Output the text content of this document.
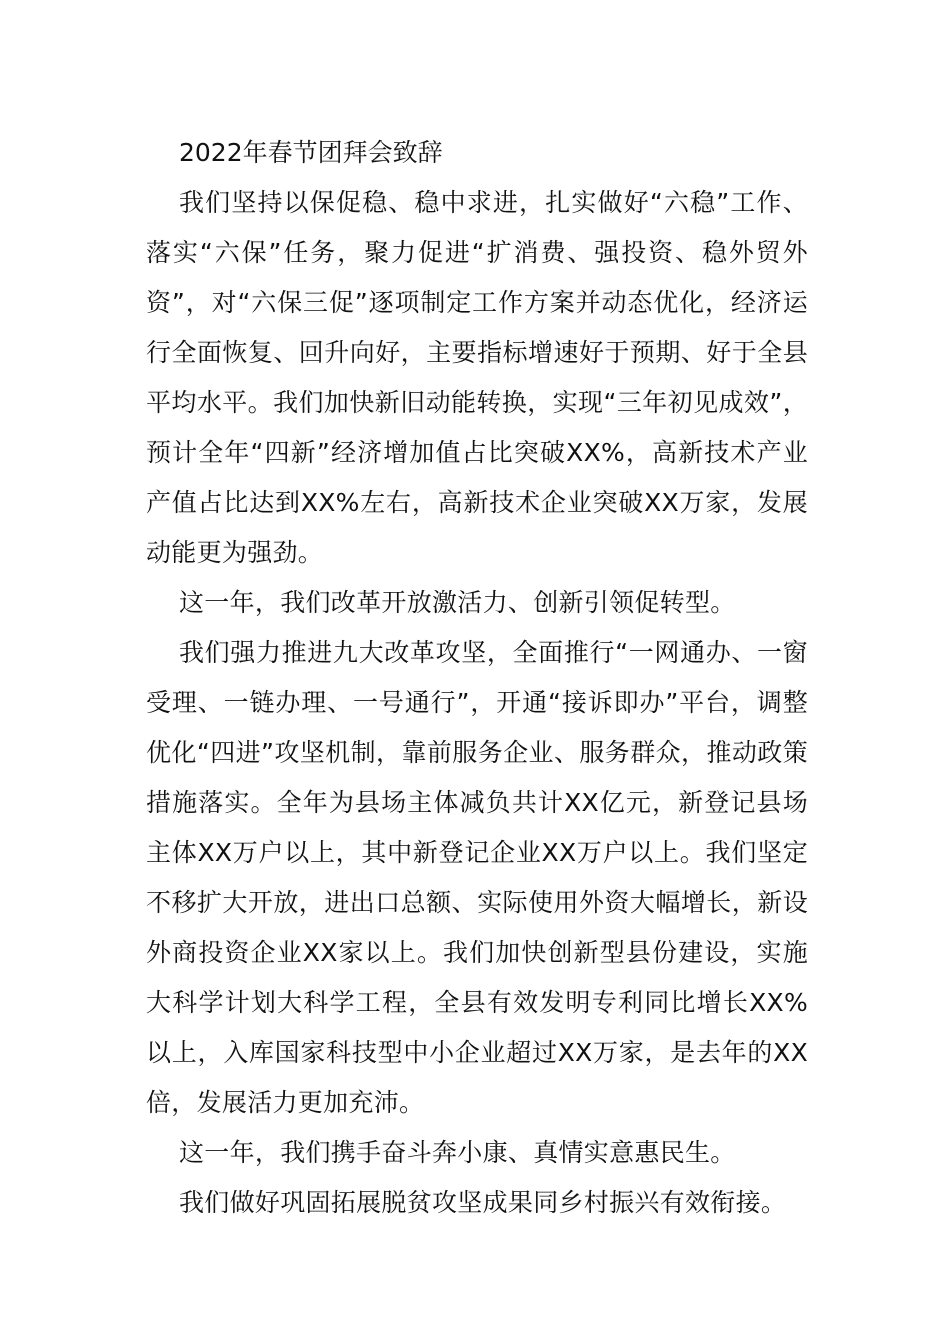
2022年春节团拜会致辞

我们坚持以保促稳、稳中求进，扎实做好“六稳”工作、落实“六保”任务，聚力促进“扩消费、强投资、稳外贸外资”，对“六保三促”逐项制定工作方案并动态优化，经济运行全面恢复、回升向好，主要指标增速好于预期、好于全县平均水平。我们加快新旧动能转换，实现“三年初见成效”，预计全年“四新”经济增加值占比突破XX%，高新技术产业产值占比达到XX%左右，高新技术企业突破XX万家，发展动能更为强劲。

这一年，我们改革开放激活力、创新引领促转型。

我们强力推进九大改革攻坚，全面推行“一网通办、一窗受理、一链办理、一号通行”，开通“接诉即办”平台，调整优化“四进”攻坚机制，靠前服务企业、服务群众，推动政策措施落实。全年为县场主体减负共计XX亿元，新登记县场主体XX万户以上，其中新登记企业XX万户以上。我们坚定不移扩大开放，进出口总额、实际使用外资大幅增长，新设外商投资企业XX家以上。我们加快创新型县份建设，实施大科学计划大科学工程，全县有效发明专利同比增长XX%以上，入库国家科技型中小企业超过XX万家，是去年的XX倍，发展活力更加充沛。

这一年，我们携手奋斗奔小康、真情实意惠民生。

我们做好巩固拓展脱贫攻坚成果同乡村振兴有效衔接。
